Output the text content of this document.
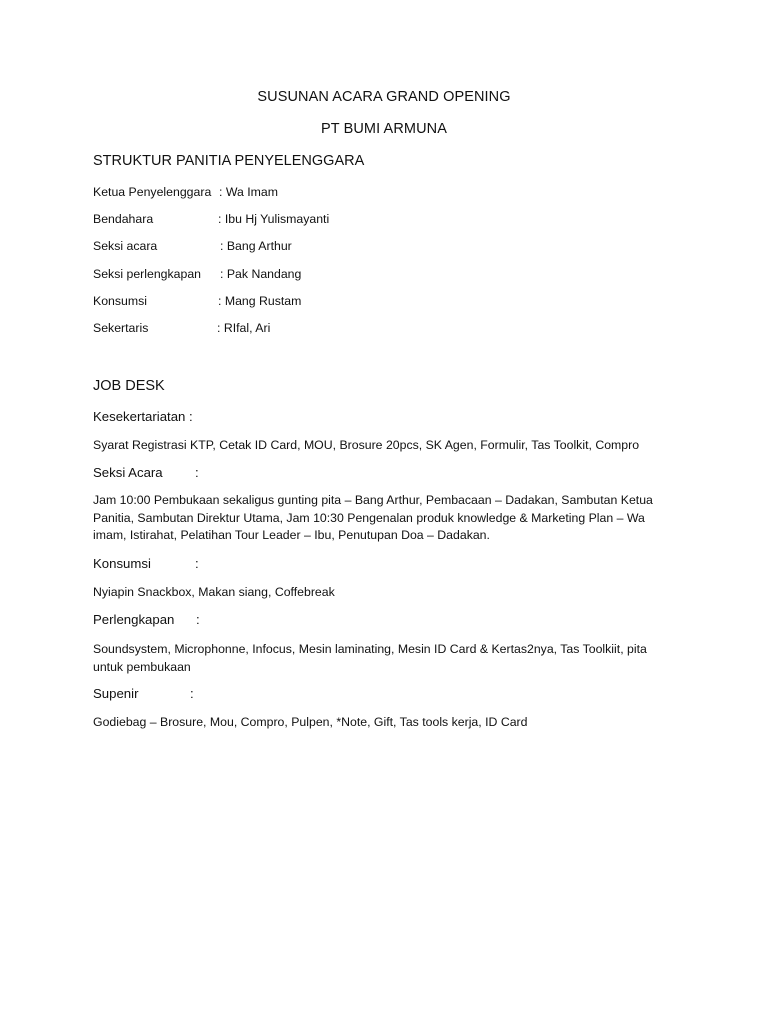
SUSUNAN ACARA GRAND OPENING
PT BUMI ARMUNA
STRUKTUR PANITIA PENYELENGGARA
Ketua Penyelenggara : Wa Imam
Bendahara	: Ibu Hj Yulismayanti
Seksi acara	: Bang Arthur
Seksi perlengkapan : Pak Nandang
Konsumsi	: Mang Rustam
Sekertaris	: RIfal, Ari
JOB DESK
Kesekertariatan :
Syarat Registrasi KTP, Cetak ID Card, MOU, Brosure 20pcs, SK Agen, Formulir, Tas Toolkit, Compro
Seksi Acara :
Jam 10:00 Pembukaan sekaligus gunting pita – Bang Arthur, Pembacaan – Dadakan, Sambutan Ketua Panitia, Sambutan Direktur Utama, Jam 10:30 Pengenalan produk knowledge & Marketing Plan – Wa imam, Istirahat, Pelatihan Tour Leader – Ibu, Penutupan Doa – Dadakan.
Konsumsi	:
Nyiapin Snackbox, Makan siang, Coffebreak
Perlengkapan :
Soundsystem, Microphonne, Infocus, Mesin laminating, Mesin ID Card & Kertas2nya, Tas Toolkiit, pita untuk pembukaan
Supenir	:
Godiebag – Brosure, Mou, Compro, Pulpen, *Note, Gift, Tas tools kerja, ID Card
